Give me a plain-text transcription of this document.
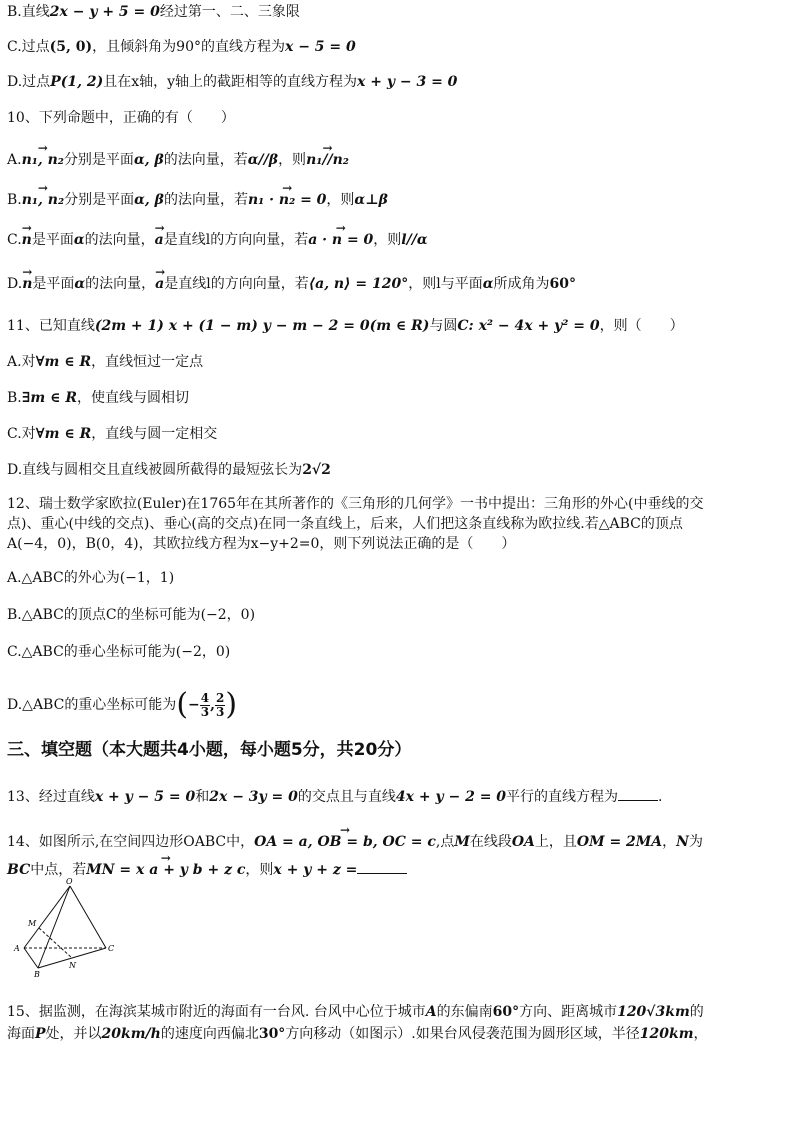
B.直线2x − y + 5 = 0经过第一、二、三象限
C.过点(5, 0)，且倾斜角为90°的直线方程为x − 5 = 0
D.过点P(1, 2)且在x轴，y轴上的截距相等的直线方程为x + y − 3 = 0
10、下列命题中，正确的有（　　）
A.→ n₁, n₂分别是平面α, β的法向量，若α//β，则→ n₁//n₂
B.→ n₁, n₂分别是平面α, β的法向量，若→ n₁ · n₂ = 0，则α⊥β
C.→ n是平面α的法向量，→ a是直线l的方向向量，若→ a · n = 0，则l//α
D.→ n是平面α的法向量，→ a是直线l的方向向量，若⟨a, n⟩ = 120°，则l与平面α所成角为60°
11、已知直线(2m + 1) x + (1 − m) y − m − 2 = 0(m ∈ R)与圆C: x² − 4x + y² = 0，则（　　）
A.对∀m ∈ R，直线恒过一定点
B.∃m ∈ R，使直线与圆相切
C.对∀m ∈ R，直线与圆一定相交
D.直线与圆相交且直线被圆所截得的最短弦长为2√2
12、瑞士数学家欧拉(Euler)在1765年在其所著作的《三角形的几何学》一书中提出：三角形的外心(中垂线的交
点)、重心(中线的交点)、垂心(高的交点)在同一条直线上，后来，人们把这条直线称为欧拉线.若△ABC的顶点
A(−4，0)，B(0，4)，其欧拉线方程为x−y+2=0，则下列说法正确的是（　　）
A.△ABC的外心为(−1，1)
B.△ABC的顶点C的坐标可能为(−2，0)
C.△ABC的垂心坐标可能为(−2，0)
D.△ABC的重心坐标可能为(− $\frac{4}{3}$ , $\frac{2}{3}$ )
三、填空题（本大题共4小题，每小题5分，共20分）
13、经过直线x + y − 5 = 0和2x − 3y = 0的交点且与直线4x + y − 2 = 0平行的直线方程为	.
14、如图所示,在空间四边形OABC中，→ OA = a, OB = b, OC = c,点M在线段OA上，且OM = 2MA，N为
BC中点，若→ MN = x a + y b + z c，则x + y + z =
O
M
A
B
N
C
15、据监测，在海滨某城市附近的海面有一台风. 台风中心位于城市A的东偏南60°方向、距离城市120√3km的
海面P处，并以20km/h的速度向西偏北30°方向移动（如图示）.如果台风侵袭范围为圆形区域，半径120km，
